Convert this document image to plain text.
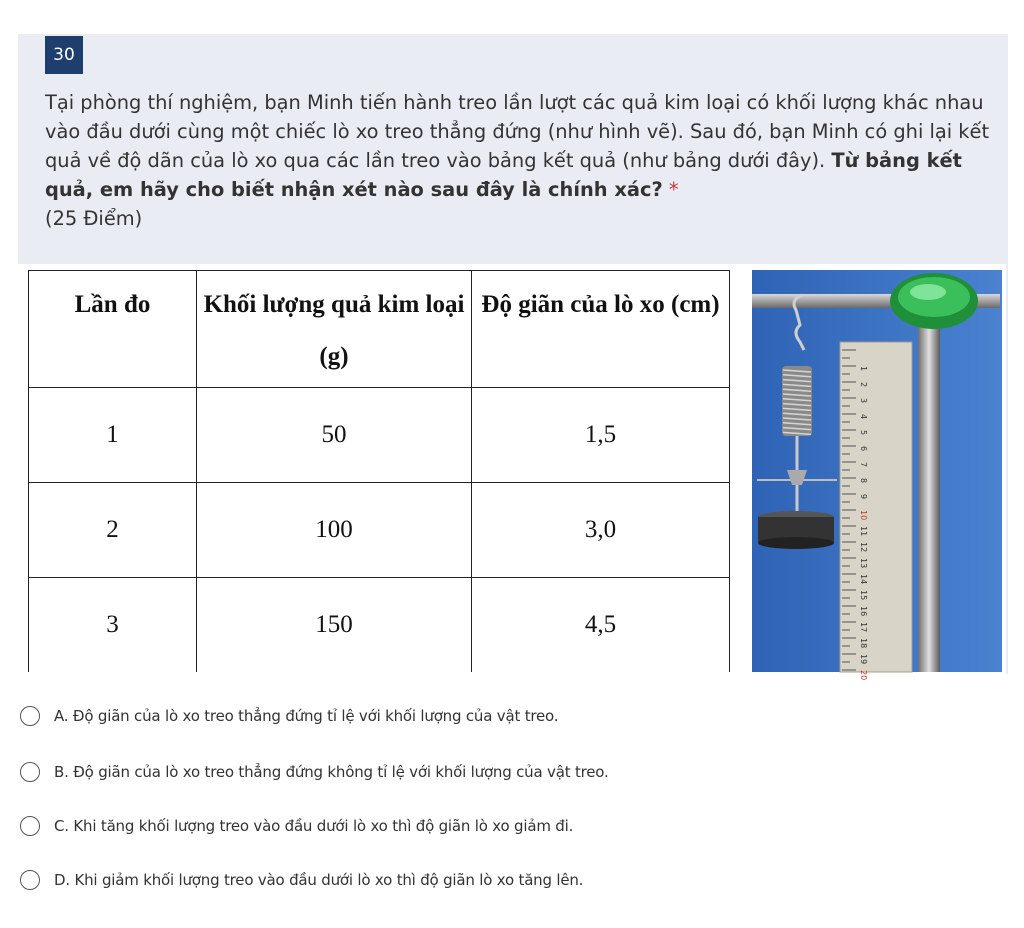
30
Tại phòng thí nghiệm, bạn Minh tiến hành treo lần lượt các quả kim loại có khối lượng khác nhau vào đầu dưới cùng một chiếc lò xo treo thẳng đứng (như hình vẽ). Sau đó, bạn Minh có ghi lại kết quả về độ dãn của lò xo qua các lần treo vào bảng kết quả (như bảng dưới đây). Từ bảng kết quả, em hãy cho biết nhận xét nào sau đây là chính xác? *
(25 Điểm)
Lần đo	Khối lượng quả kim loại (g)	Độ giãn của lò xo (cm)
1	50	1,5
2	100	3,0
3	150	4,5
1
2
3
4
5
6
7
8
9
10
11
12
13
14
15
16
17
18
19
20
A. Độ giãn của lò xo treo thẳng đứng tỉ lệ với khối lượng của vật treo.
B. Độ giãn của lò xo treo thẳng đứng không tỉ lệ với khối lượng của vật treo.
C. Khi tăng khối lượng treo vào đầu dưới lò xo thì độ giãn lò xo giảm đi.
D. Khi giảm khối lượng treo vào đầu dưới lò xo thì độ giãn lò xo tăng lên.
